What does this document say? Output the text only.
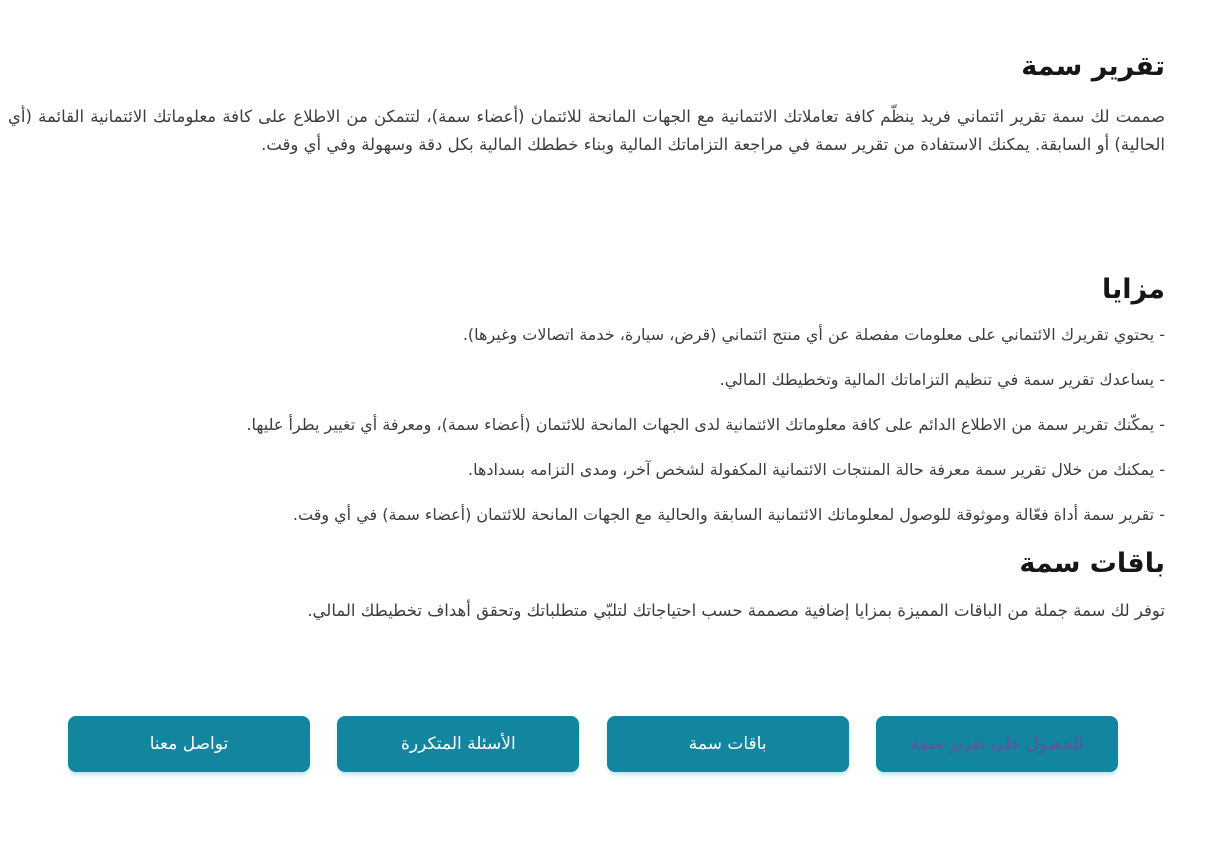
تقرير سمة

صممت لك سمة تقرير ائتماني فريد ينظّم كافة تعاملاتك الائتمانية مع الجهات المانحة للائتمان (أعضاء سمة)، لتتمكن من الاطلاع على كافة معلوماتك الائتمانية القائمة (أي الحالية) أو السابقة. يمكنك الاستفادة من تقرير سمة في مراجعة التزاماتك المالية وبناء خططك المالية بكل دقة وسهولة وفي أي وقت.

مزايا
- يحتوي تقريرك الائتماني على معلومات مفصلة عن أي منتج ائتماني (قرض، سيارة، خدمة اتصالات وغيرها).
- يساعدك تقرير سمة في تنظيم التزاماتك المالية وتخطيطك المالي.
- يمكّنك تقرير سمة من الاطلاع الدائم على كافة معلوماتك الائتمانية لدى الجهات المانحة للائتمان (أعضاء سمة)، ومعرفة أي تغيير يطرأ عليها.
- يمكنك من خلال تقرير سمة معرفة حالة المنتجات الائتمانية المكفولة لشخص آخر، ومدى التزامه بسدادها.
- تقرير سمة أداة فعّالة وموثوقة للوصول لمعلوماتك الائتمانية السابقة والحالية مع الجهات المانحة للائتمان (أعضاء سمة) في أي وقت.
باقات سمة

توفر لك سمة جملة من الباقات المميزة بمزايا إضافية مصممة حسب احتياجاتك لتلبّي متطلباتك وتحقق أهداف تخطيطك المالي.

للحصول على تقرير سمة
باقات سمة
الأسئلة المتكررة
تواصل معنا
